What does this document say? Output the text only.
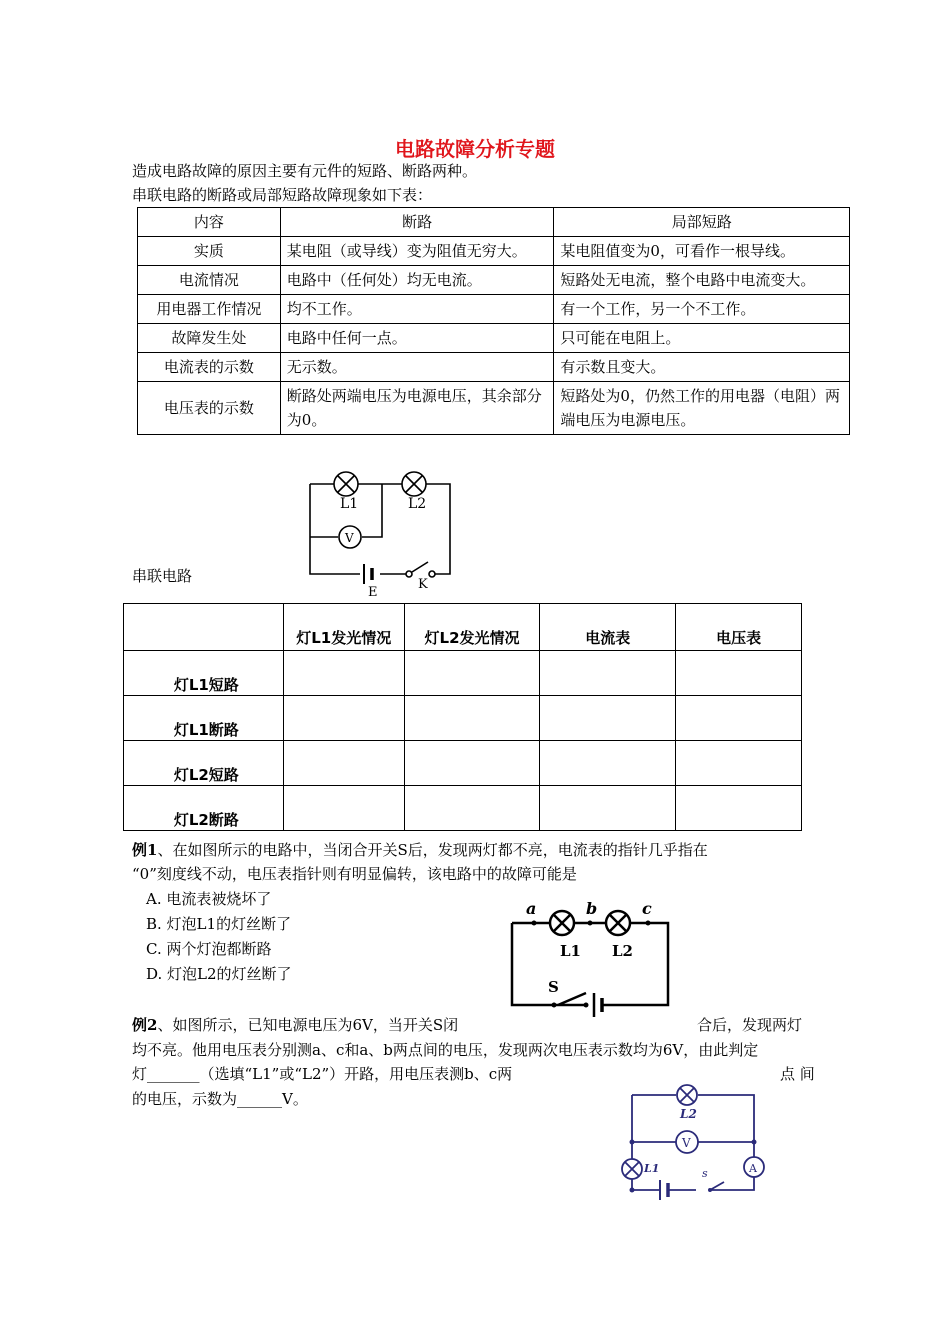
电路故障分析专题
造成电路故障的原因主要有元件的短路、断路两种。
串联电路的断路或局部短路故障现象如下表：
内容	断路	局部短路
实质	某电阻（或导线）变为阻值无穷大。	某电阻值变为0，可看作一根导线。
电流情况	电路中（任何处）均无电流。	短路处无电流，整个电路中电流变大。
用电器工作情况	均不工作。	有一个工作，另一个不工作。
故障发生处	电路中任何一点。	只可能在电阻上。
电流表的示数	无示数。	有示数且变大。
电压表的示数	断路处两端电压为电源电压，其余部分为0。	短路处为0，仍然工作的用电器（电阻）两端电压为电源电压。
串联电路
L1	L2
V
E
K
	灯L1发光情况	灯L2发光情况	电流表	电压表
灯L1短路				
灯L1断路				
灯L2短路				
灯L2断路				
例1、在如图所示的电路中，当闭合开关S后，发现两灯都不亮，电流表的指针几乎指在
“0”刻度线不动，电压表指针则有明显偏转，该电路中的故障可能是
A. 电流表被烧坏了
B. 灯泡L1的灯丝断了
C. 两个灯泡都断路
D. 灯泡L2的灯丝断了
a	b	c
L1 L2
S
例2、如图所示，已知电源电压为6V，当开关S闭	合后，发现两灯
均不亮。他用电压表分别测a、c和a、b两点间的电压，发现两次电压表示数均为6V，由此判定
灯_______（选填“L1”或“L2”）开路，用电压表测b、c两	点 间
的电压，示数为______V。
L2
V
L1	A
s
